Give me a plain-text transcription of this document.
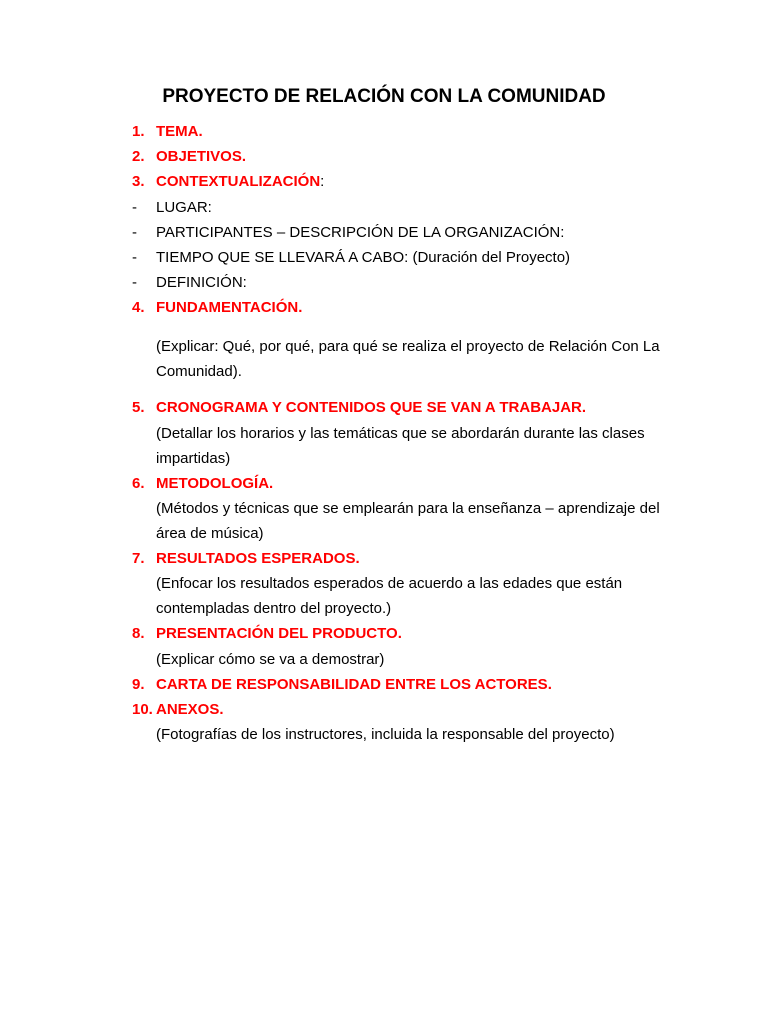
PROYECTO DE RELACIÓN CON LA COMUNIDAD
1. TEMA.
2. OBJETIVOS.
3. CONTEXTUALIZACIÓN:
- LUGAR:
- PARTICIPANTES – DESCRIPCIÓN DE LA ORGANIZACIÓN:
- TIEMPO QUE SE LLEVARÁ A CABO: (Duración del Proyecto)
- DEFINICIÓN:
4. FUNDAMENTACIÓN.
(Explicar: Qué, por qué, para qué se realiza el proyecto de Relación Con La Comunidad).
5. CRONOGRAMA Y CONTENIDOS QUE SE VAN A TRABAJAR.
(Detallar los horarios y las temáticas que se abordarán durante las clases impartidas)
6. METODOLOGÍA.
(Métodos y técnicas que se emplearán para la enseñanza – aprendizaje del área de música)
7. RESULTADOS ESPERADOS.
(Enfocar los resultados esperados de acuerdo a las edades que están contempladas dentro del proyecto.)
8. PRESENTACIÓN DEL PRODUCTO.
(Explicar cómo se va a demostrar)
9. CARTA DE RESPONSABILIDAD ENTRE LOS ACTORES.
10. ANEXOS.
(Fotografías de los instructores, incluida la responsable del proyecto)
